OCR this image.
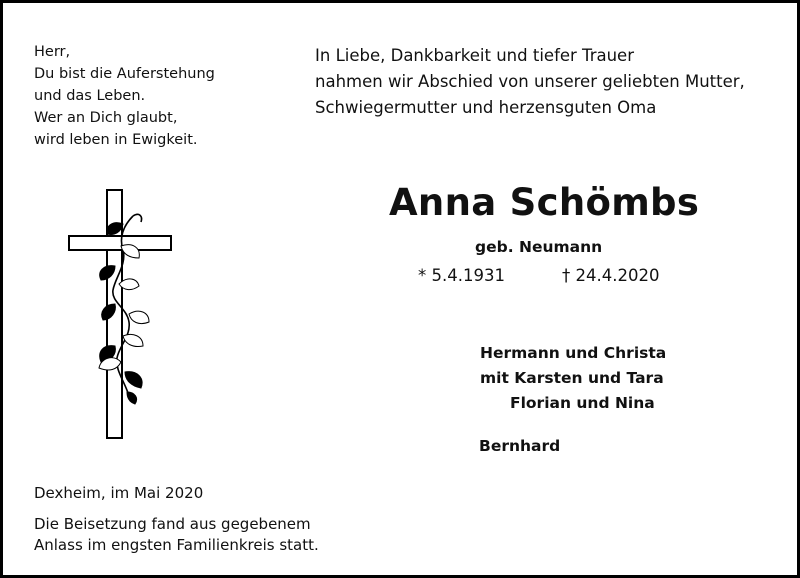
Herr,
Du bist die Auferstehung
und das Leben.
Wer an Dich glaubt,
wird leben in Ewigkeit.
In Liebe, Dankbarkeit und tiefer Trauer
nahmen wir Abschied von unserer geliebten Mutter,
Schwiegermutter und herzensguten Oma
Anna Schömbs
geb. Neumann
* 5.4.1931	† 24.4.2020
Hermann und Christa
mit Karsten und Tara
Florian und Nina
Bernhard
Dexheim, im Mai 2020
Die Beisetzung fand aus gegebenem
Anlass im engsten Familienkreis statt.
